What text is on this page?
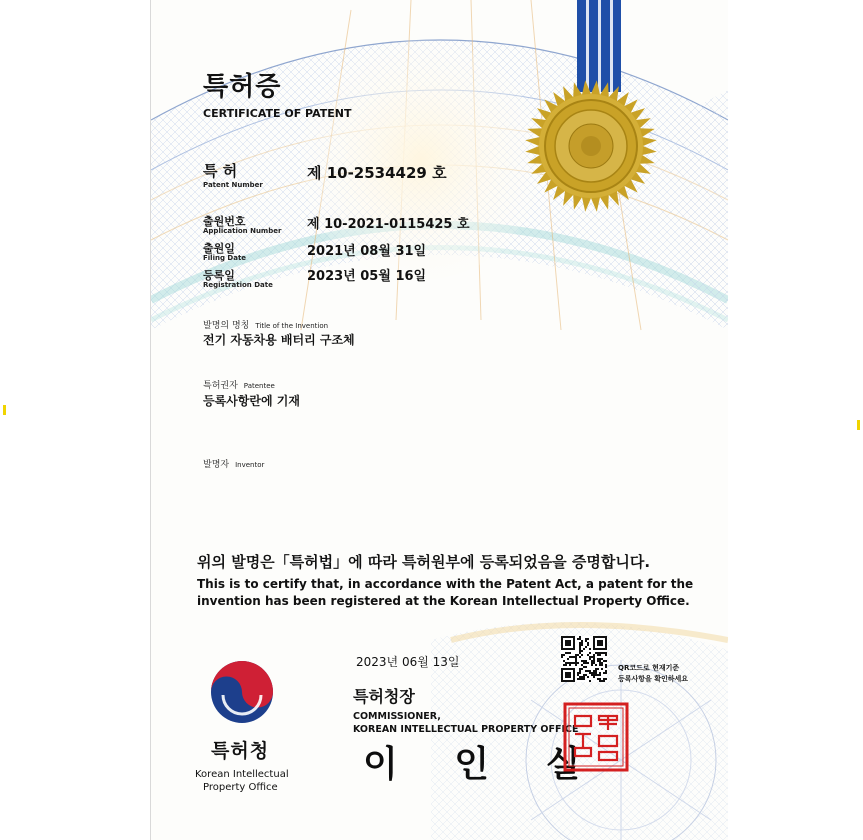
특허증
CERTIFICATE OF PATENT
특 허
Patent Number
제 10-2534429 호
출원번호
Application Number 제 10-2021-0115425 호
출원일
Filing Date	2021년 08월 31일
등록일
Registration Date
2023년 05월 16일
발명의 명칭 Title of the Invention
전기 자동차용 배터리 구조체
특허권자 Patentee
등록사항란에 기재
발명자 Inventor
위의 발명은「특허법」에 따라 특허원부에 등록되었음을 증명합니다.
This is to certify that, in accordance with the Patent Act, a patent for the
invention has been registered at the Korean Intellectual Property Office.
2023년 06월 13일	QR코드로 현재기준
등록사항을 확인하세요
특허청장
COMMISSIONER,
KOREAN INTELLECTUAL PROPERTY OFFICE
이 인 실
특허청
Korean Intellectual
Property Office
